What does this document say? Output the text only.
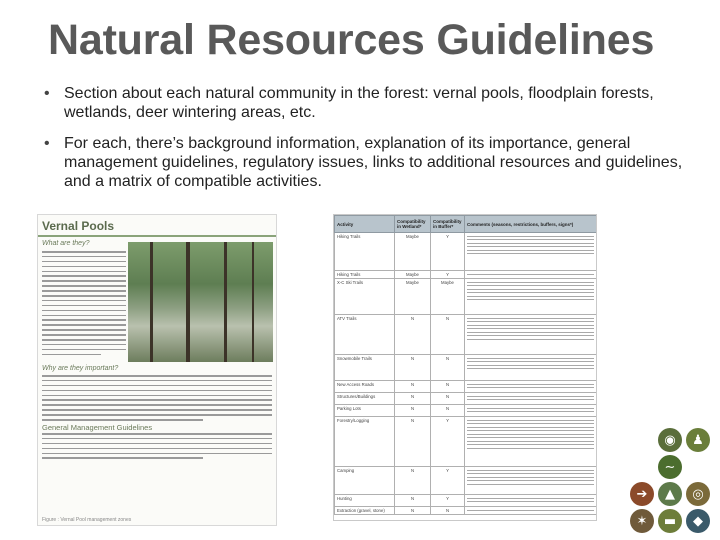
Natural Resources Guidelines
• Section about each natural community in the forest: vernal pools, floodplain forests, wetlands, deer wintering areas, etc.
• For each, there’s background information, explanation of its importance, general management guidelines, regulatory issues, links to additional resources and guidelines, and a matrix of compatible activities.
Vernal Pools
What are they?
Why are they important?
General Management Guidelines
Figure : Vernal Pool management zones
Activity	Compatibility in Wetland*	Compatibility in Buffer*	Comments (seasons, restrictions, buffers, signs*)
Hiking Trails	Maybe	Y	

Hiking Trails	Maybe	Y	

X-C Ski Trails	Maybe	Maybe	

ATV Trails	N	N	

Snowmobile Trails	N	N	

New Access Roads	N	N	

Structures/Buildings	N	N	

Parking Lots	N	N	

Forestry/Logging	N	Y	

Camping	N	Y	

Hunting	N	Y	

Extraction (gravel, stone)	N	N	
◉	♟
∼
➔	▲	◎
✶	▬	◆
